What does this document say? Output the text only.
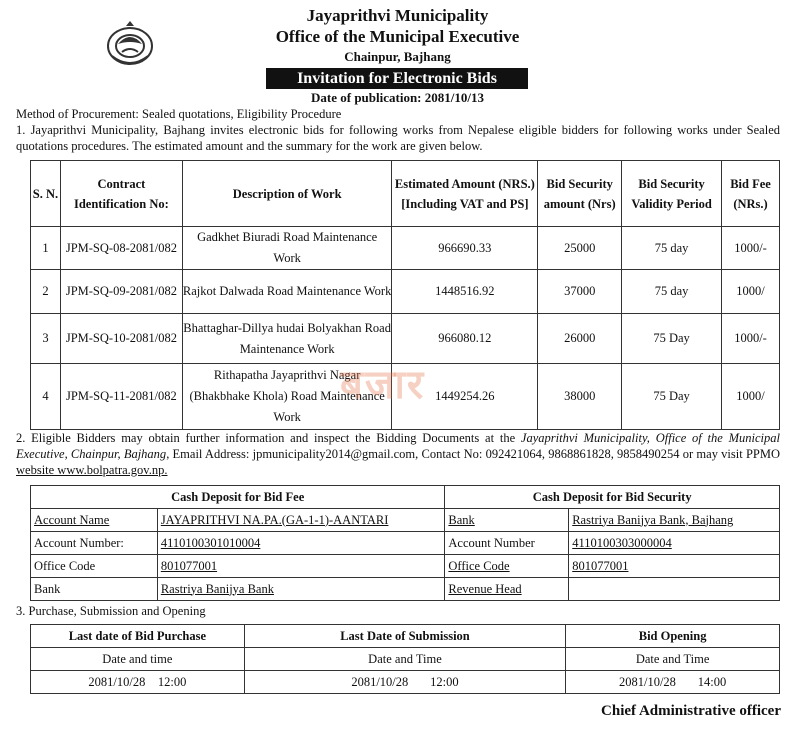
Jayaprithvi Municipality
Office of the Municipal Executive
Chainpur, Bajhang
Invitation for Electronic Bids
Date of publication: 2081/10/13
Method of Procurement: Sealed quotations, Eligibility Procedure
1. Jayaprithvi Municipality, Bajhang invites electronic bids for following works from Nepalese eligible bidders for following works under Sealed quotations procedures. The estimated amount and the summary for the work are given below.
S. N.	Contract Identification No:	Description of Work	Estimated Amount (NRS.) [Including VAT and PS]	Bid Security amount (Nrs)	Bid Security Validity Period	Bid Fee (NRs.)
1	JPM-SQ-08-2081/082	Gadkhet Biuradi Road Maintenance Work	966690.33	25000	75 day	1000/-
2	JPM-SQ-09-2081/082	Rajkot Dalwada Road Maintenance Work	1448516.92	37000	75 day	1000/
3	JPM-SQ-10-2081/082	Bhattaghar-Dillya hudai Bolyakhan Road Maintenance Work	966080.12	26000	75 Day	1000/-
4	JPM-SQ-11-2081/082	Rithapatha Jayaprithvi Nagar (Bhakbhake Khola) Road Maintenance Work	1449254.26	38000	75 Day	1000/
बजार
2. Eligible Bidders may obtain further information and inspect the Bidding Documents at the Jayaprithvi Municipality, Office of the Municipal Executive, Chainpur, Bajhang, Email Address: jpmunicipality2014@gmail.com, Contact No: 092421064, 9868861828, 9858490254 or may visit PPMO website www.bolpatra.gov.np.
Cash Deposit for Bid Fee		Cash Deposit for Bid Security	
Account Name	JAYAPRITHVI NA.PA.(GA-1-1)-AANTARI	Bank	Rastriya Banijya Bank, Bajhang
Account Number:	4110100301010004	Account Number	4110100303000004
Office Code	801077001	Office Code	801077001
Bank	Rastriya Banijya Bank	Revenue Head	
3. Purchase, Submission and Opening
Last date of Bid Purchase	Last Date of Submission	Bid Opening
Date and time	Date and Time	Date and Time
2081/10/28    12:00	2081/10/28       12:00	2081/10/28       14:00
Chief Administrative officer
